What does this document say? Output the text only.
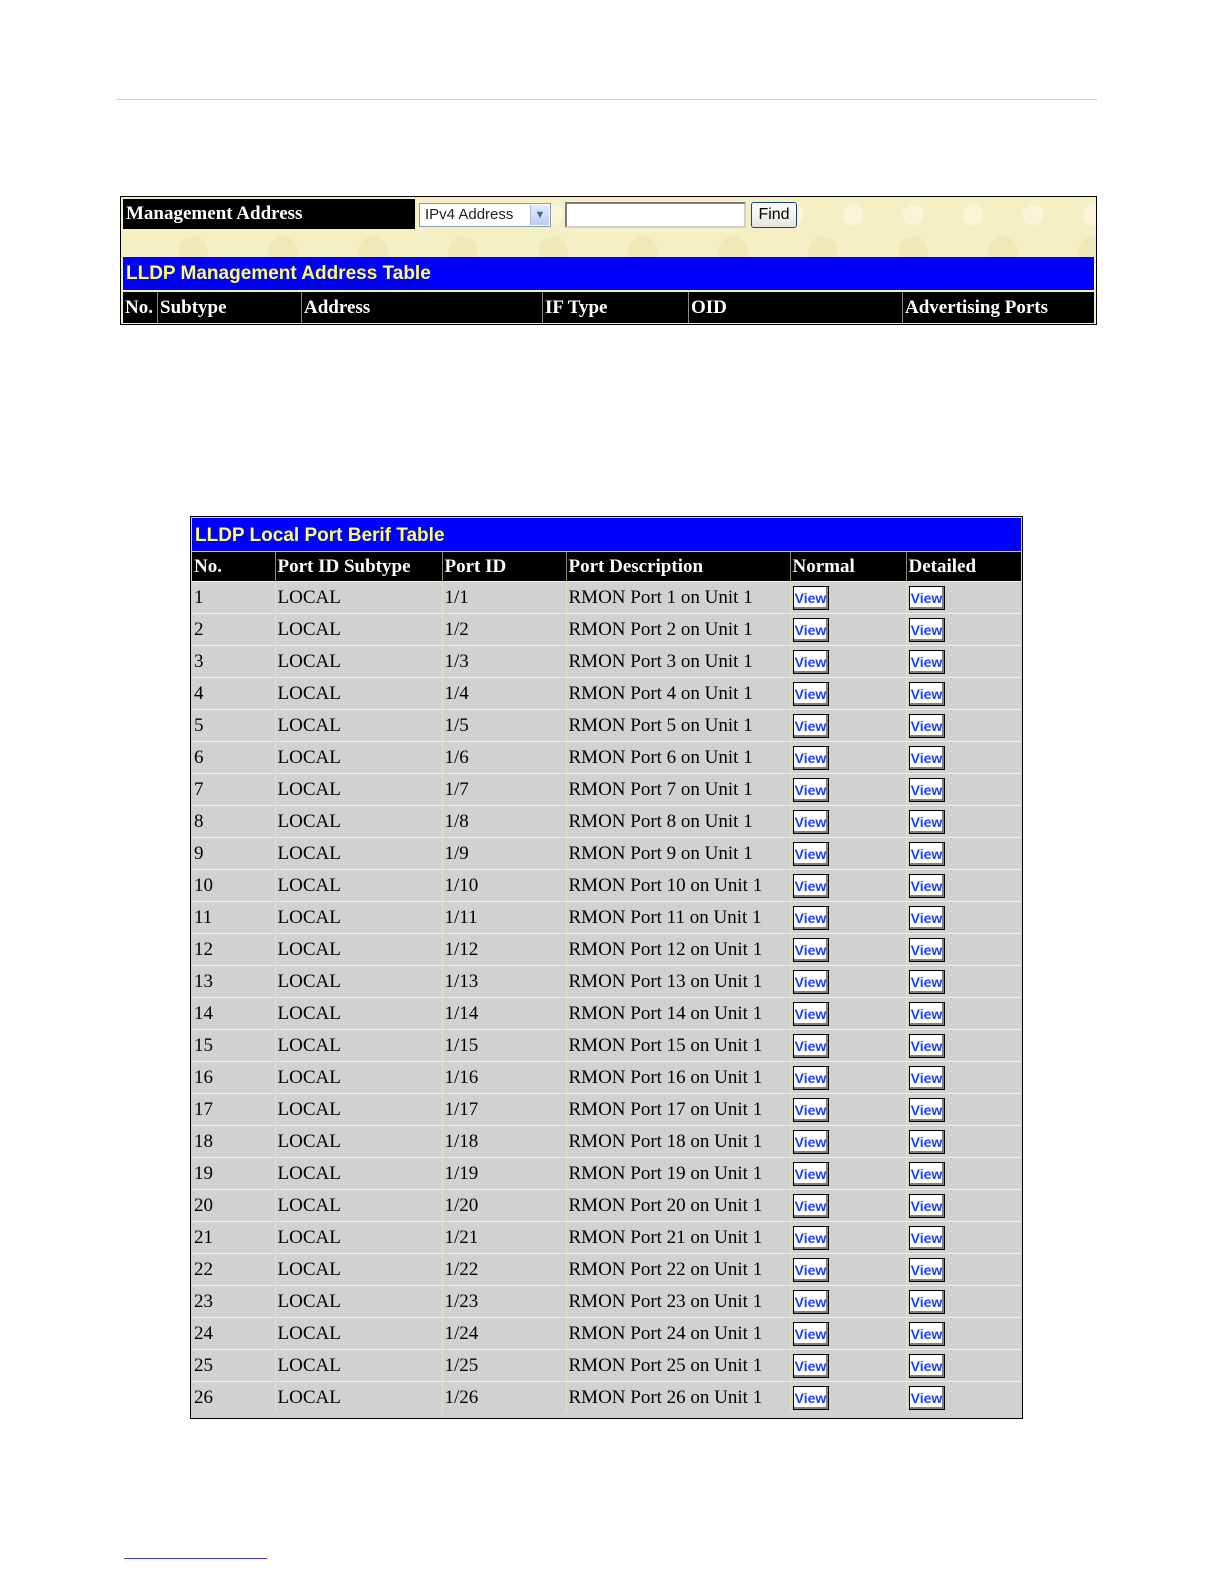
Management Address	IPv4 Address	▼	Find
LLDP Management Address Table
No. Subtype	Address	IF Type	OID	Advertising Ports
LLDP Local Port Berif Table
No.	Port ID Subtype	Port ID	Port Description	Normal	Detailed
1	LOCAL	1/1	RMON Port 1 on Unit 1	View	View
2	LOCAL	1/2	RMON Port 2 on Unit 1	View	View
3	LOCAL	1/3	RMON Port 3 on Unit 1	View	View
4	LOCAL	1/4	RMON Port 4 on Unit 1	View	View
5	LOCAL	1/5	RMON Port 5 on Unit 1	View	View
6	LOCAL	1/6	RMON Port 6 on Unit 1	View	View
7	LOCAL	1/7	RMON Port 7 on Unit 1	View	View
8	LOCAL	1/8	RMON Port 8 on Unit 1	View	View
9	LOCAL	1/9	RMON Port 9 on Unit 1	View	View
10	LOCAL	1/10	RMON Port 10 on Unit 1	View	View
11	LOCAL	1/11	RMON Port 11 on Unit 1	View	View
12	LOCAL	1/12	RMON Port 12 on Unit 1	View	View
13	LOCAL	1/13	RMON Port 13 on Unit 1	View	View
14	LOCAL	1/14	RMON Port 14 on Unit 1	View	View
15	LOCAL	1/15	RMON Port 15 on Unit 1	View	View
16	LOCAL	1/16	RMON Port 16 on Unit 1	View	View
17	LOCAL	1/17	RMON Port 17 on Unit 1	View	View
18	LOCAL	1/18	RMON Port 18 on Unit 1	View	View
19	LOCAL	1/19	RMON Port 19 on Unit 1	View	View
20	LOCAL	1/20	RMON Port 20 on Unit 1	View	View
21	LOCAL	1/21	RMON Port 21 on Unit 1	View	View
22	LOCAL	1/22	RMON Port 22 on Unit 1	View	View
23	LOCAL	1/23	RMON Port 23 on Unit 1	View	View
24	LOCAL	1/24	RMON Port 24 on Unit 1	View	View
25	LOCAL	1/25	RMON Port 25 on Unit 1	View	View
26	LOCAL	1/26	RMON Port 26 on Unit 1	View	View
